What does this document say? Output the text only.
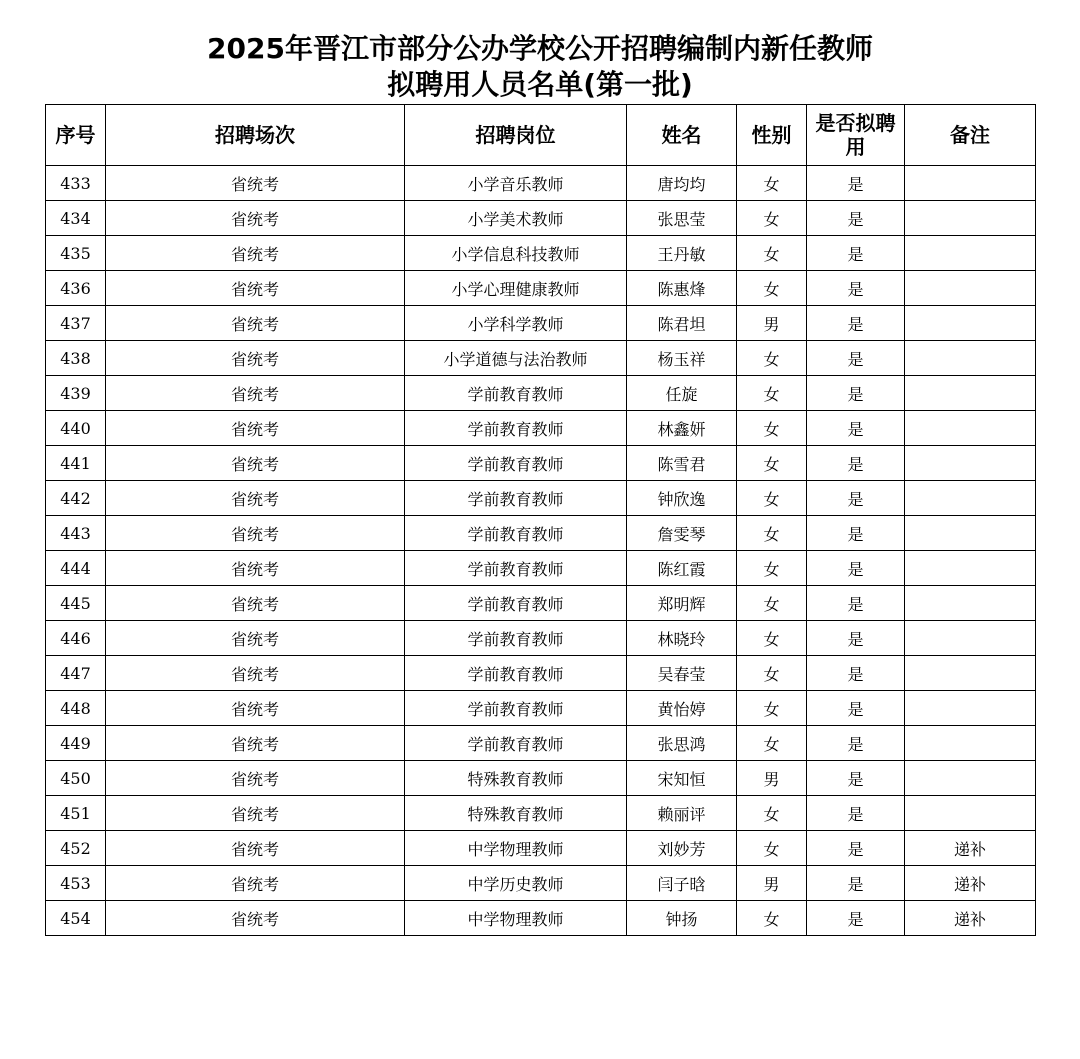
2025年晋江市部分公办学校公开招聘编制内新任教师
拟聘用人员名单(第一批)
序号	招聘场次	招聘岗位	姓名	性别	是否拟聘用	备注
433	省统考	小学音乐教师	唐均均	女	是	
434	省统考	小学美术教师	张思莹	女	是	
435	省统考	小学信息科技教师	王丹敏	女	是	
436	省统考	小学心理健康教师	陈惠烽	女	是	
437	省统考	小学科学教师	陈君坦	男	是	
438	省统考	小学道德与法治教师	杨玉祥	女	是	
439	省统考	学前教育教师	任旋	女	是	
440	省统考	学前教育教师	林鑫妍	女	是	
441	省统考	学前教育教师	陈雪君	女	是	
442	省统考	学前教育教师	钟欣逸	女	是	
443	省统考	学前教育教师	詹雯琴	女	是	
444	省统考	学前教育教师	陈红霞	女	是	
445	省统考	学前教育教师	郑明辉	女	是	
446	省统考	学前教育教师	林晓玲	女	是	
447	省统考	学前教育教师	吴春莹	女	是	
448	省统考	学前教育教师	黄怡婷	女	是	
449	省统考	学前教育教师	张思鸿	女	是	
450	省统考	特殊教育教师	宋知恒	男	是	
451	省统考	特殊教育教师	赖丽评	女	是	
452	省统考	中学物理教师	刘妙芳	女	是	递补
453	省统考	中学历史教师	闫子晗	男	是	递补
454	省统考	中学物理教师	钟扬	女	是	递补
